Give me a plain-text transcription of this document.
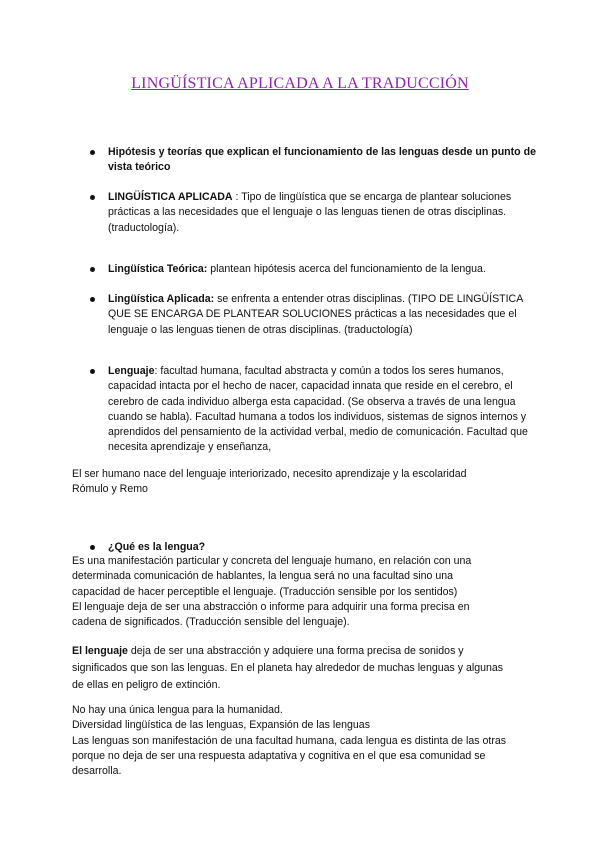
LINGÜÍSTICA APLICADA A LA TRADUCCIÓN
Hipótesis y teorías que explican el funcionamiento de las lenguas desde un punto de vista teórico
LINGÜÍSTICA APLICADA : Tipo de lingüística que se encarga de plantear soluciones prácticas a las necesidades que el lenguaje o las lenguas tienen de otras disciplinas. (traductología).
Lingüística Teórica: plantean hipótesis acerca del funcionamiento de la lengua.
Lingüística Aplicada: se enfrenta a entender otras disciplinas. (TIPO DE LINGÜÍSTICA QUE SE ENCARGA DE PLANTEAR SOLUCIONES prácticas a las necesidades que el lenguaje o las lenguas tienen de otras disciplinas. (traductología)
Lenguaje: facultad humana, facultad abstracta y común a todos los seres humanos, capacidad intacta por el hecho de nacer, capacidad innata que reside en el cerebro, el cerebro de cada individuo alberga esta capacidad. (Se observa a través de una lengua cuando se habla). Facultad humana a todos los individuos, sistemas de signos internos y aprendidos del pensamiento de la actividad verbal, medio de comunicación. Facultad que necesita aprendizaje y enseñanza,
El ser humano nace del lenguaje interiorizado, necesito aprendizaje y la escolaridad
Rómulo y Remo
¿Qué es la lengua?
Es una manifestación particular y concreta del lenguaje humano, en relación con una
determinada comunicación de hablantes, la lengua será no una facultad sino una
capacidad de hacer perceptible el lenguaje. (Traducción sensible por los sentidos)
El lenguaje deja de ser una abstracción o informe para adquirir una forma precisa en
cadena de significados. (Traducción sensible del lenguaje).
El lenguaje deja de ser una abstracción y adquiere una forma precisa de sonidos y
significados que son las lenguas. En el planeta hay alrededor de muchas lenguas y algunas
de ellas en peligro de extinción.
No hay una única lengua para la humanidad.
Diversidad lingüística de las lenguas, Expansión de las lenguas
Las lenguas son manifestación de una facultad humana, cada lengua es distinta de las otras
porque no deja de ser una respuesta adaptativa y cognitiva en el que esa comunidad se
desarrolla.
